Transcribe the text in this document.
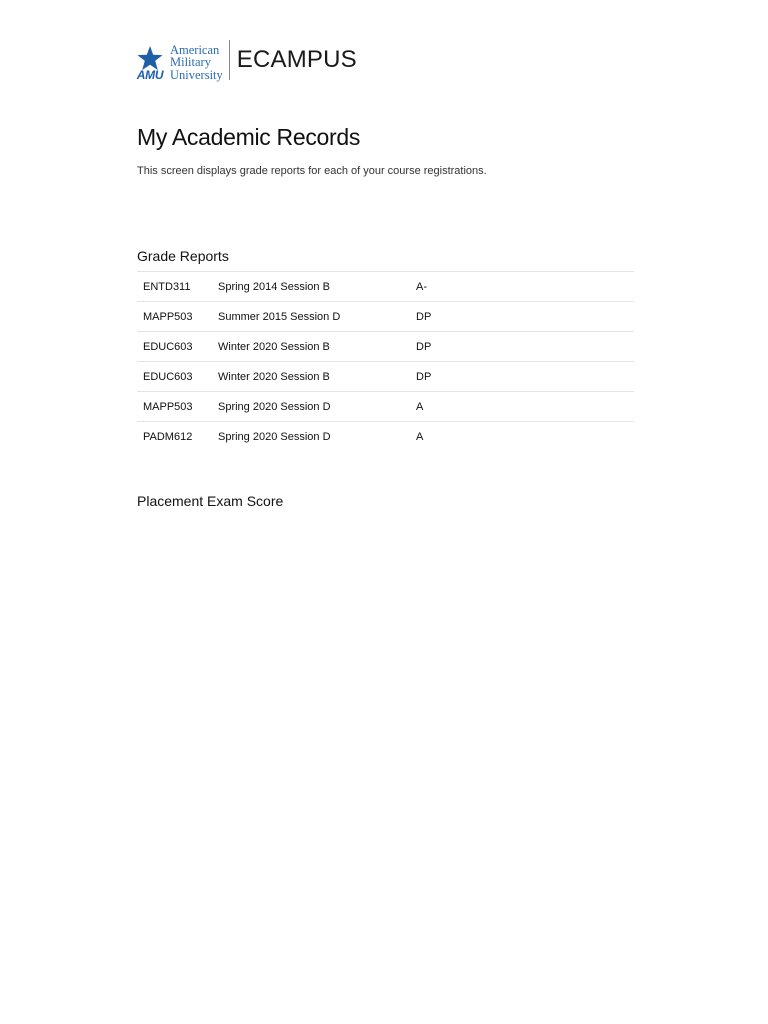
AMU
American
Military
University
ECAMPUS
My Academic Records

This screen displays grade reports for each of your course registrations.

Grade Reports
ENTD311	Spring 2014 Session B	A-
MAPP503	Summer 2015 Session D	DP
EDUC603	Winter 2020 Session B	DP
EDUC603	Winter 2020 Session B	DP
MAPP503	Spring 2020 Session D	A
PADM612	Spring 2020 Session D	A
Placement Exam Score
